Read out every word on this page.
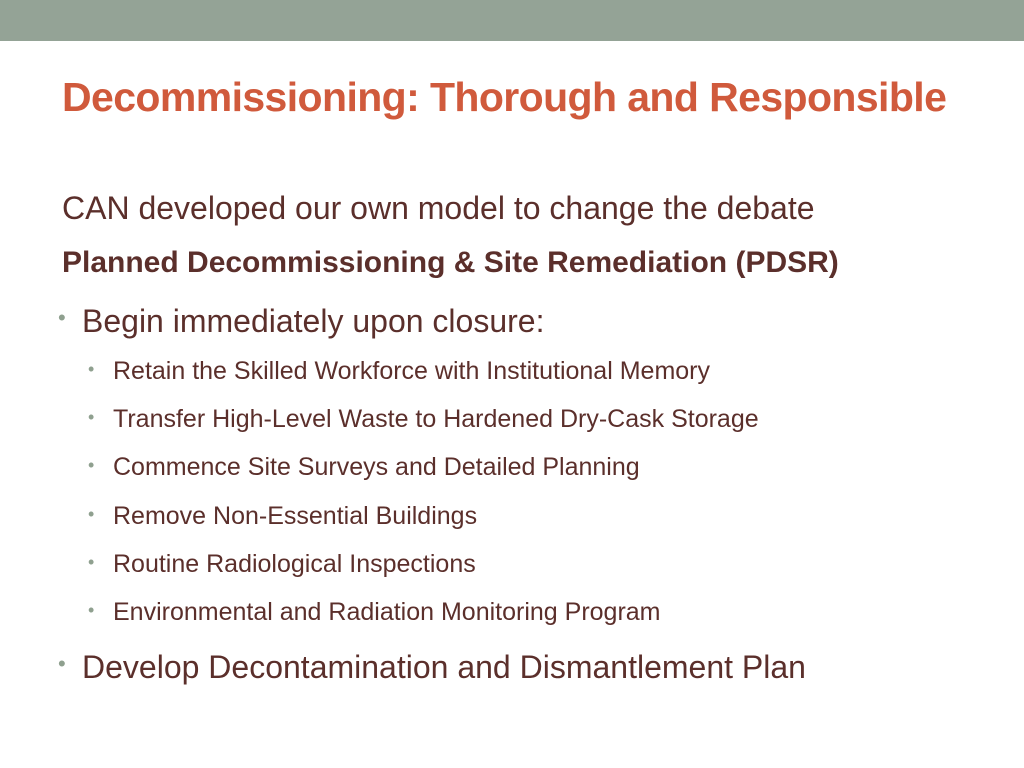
Decommissioning: Thorough and Responsible

CAN developed our own model to change the debate

Planned Decommissioning & Site Remediation (PDSR)

• Begin immediately upon closure:
• Retain the Skilled Workforce with Institutional Memory
• Transfer High-Level Waste to Hardened Dry-Cask Storage
• Commence Site Surveys and Detailed Planning
• Remove Non-Essential Buildings
• Routine Radiological Inspections
• Environmental and Radiation Monitoring Program
• Develop Decontamination and Dismantlement Plan
